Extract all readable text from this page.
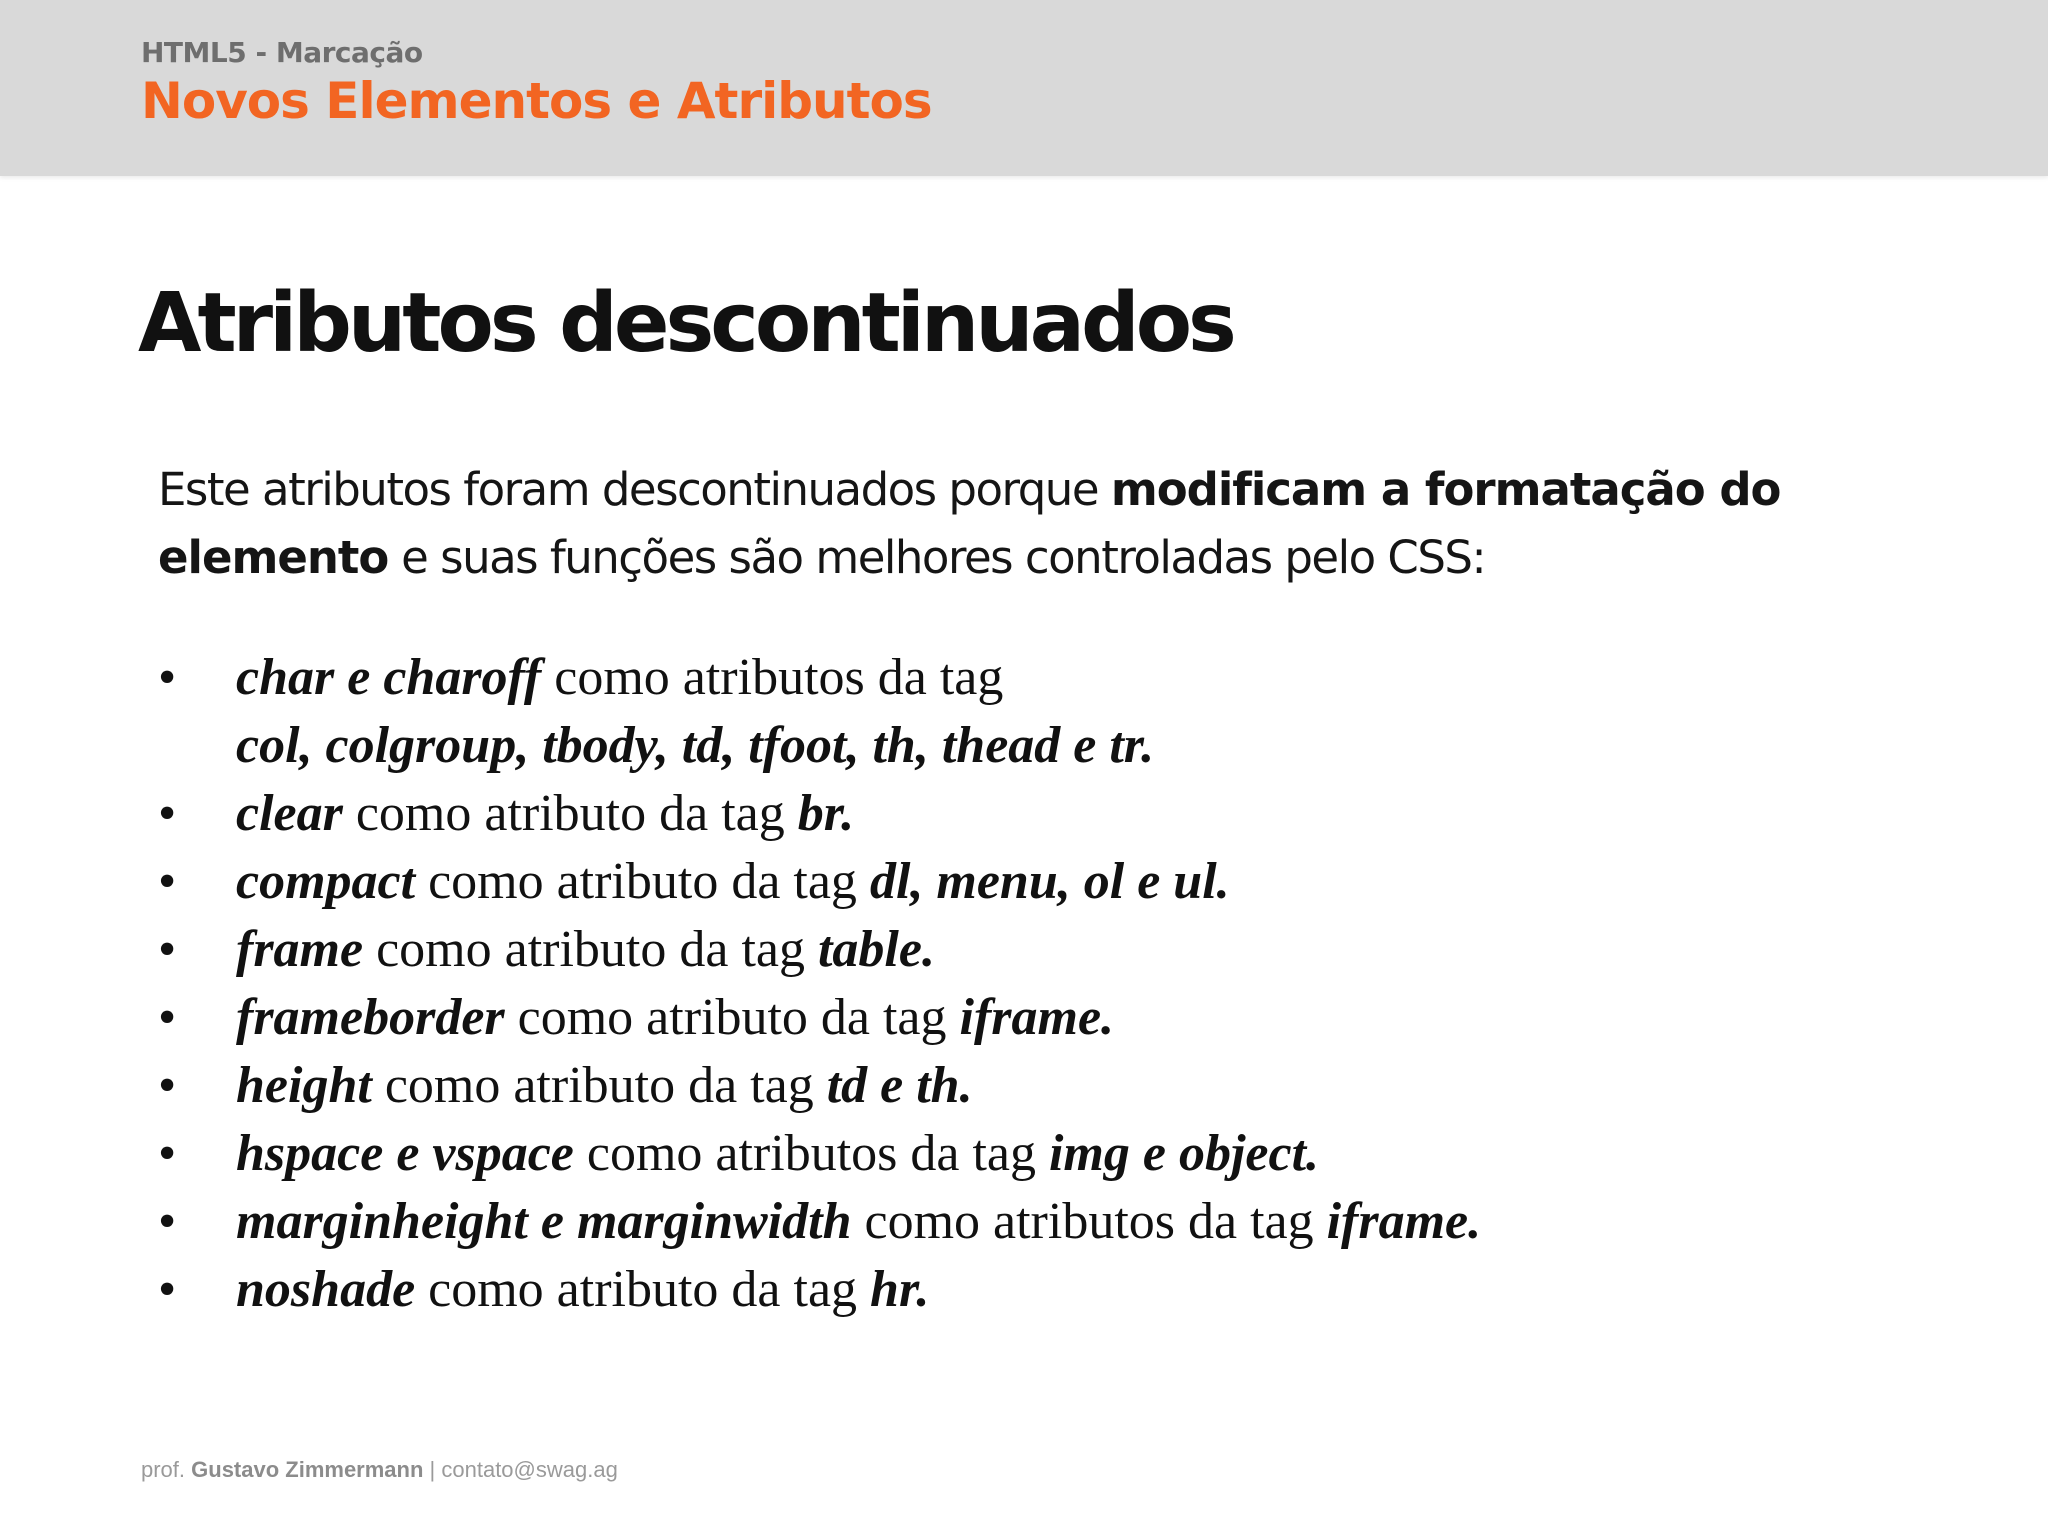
HTML5 - Marcação
Novos Elementos e Atributos
Atributos descontinuados
Este atributos foram descontinuados porque modificam a formatação do elemento e suas funções são melhores controladas pelo CSS:
• char e charoff como atributos da tag
col, colgroup, tbody, td, tfoot, th, thead e tr.
• clear como atributo da tag br.
• compact como atributo da tag dl, menu, ol e ul.
• frame como atributo da tag table.
• frameborder como atributo da tag iframe.
• height como atributo da tag td e th.
• hspace e vspace como atributos da tag img e object.
• marginheight e marginwidth como atributos da tag iframe.
• noshade como atributo da tag hr.
prof. Gustavo Zimmermann | contato@swag.ag
